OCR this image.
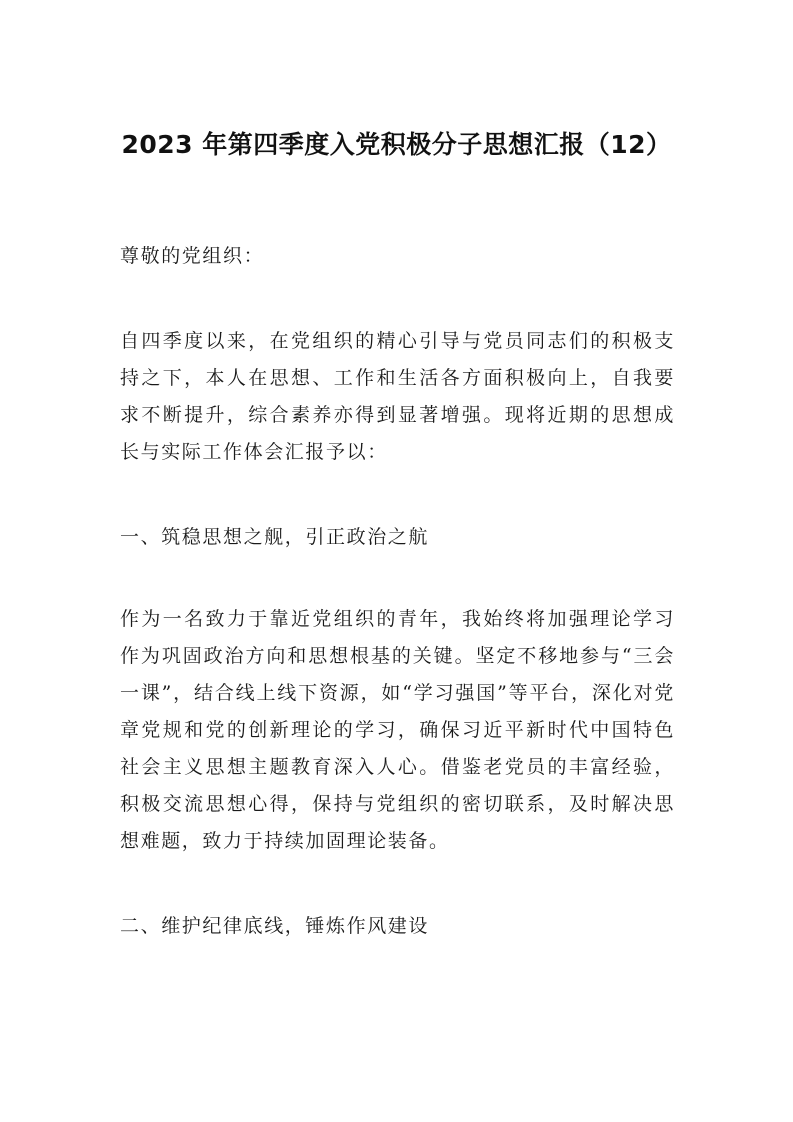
2023 年第四季度入党积极分子思想汇报（12）

尊敬的党组织：

自四季度以来，在党组织的精心引导与党员同志们的积极支持之下，本人在思想、工作和生活各方面积极向上，自我要求不断提升，综合素养亦得到显著增强。现将近期的思想成长与实际工作体会汇报予以：

一、筑稳思想之舰，引正政治之航

作为一名致力于靠近党组织的青年，我始终将加强理论学习作为巩固政治方向和思想根基的关键。坚定不移地参与“三会一课”，结合线上线下资源，如“学习强国”等平台，深化对党章党规和党的创新理论的学习，确保习近平新时代中国特色社会主义思想主题教育深入人心。借鉴老党员的丰富经验，积极交流思想心得，保持与党组织的密切联系，及时解决思想难题，致力于持续加固理论装备。

二、维护纪律底线，锤炼作风建设
